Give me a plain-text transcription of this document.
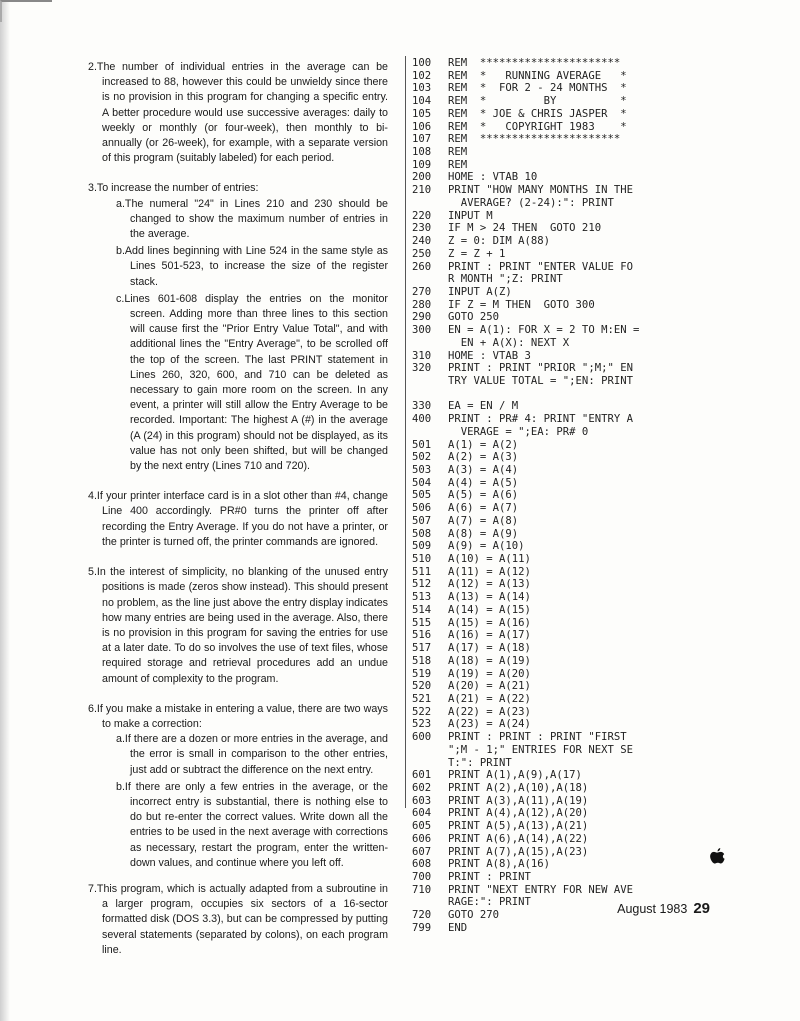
2.The number of individual entries in the average can be increased to 88, however this could be unwieldy since there is no provision in this program for changing a specific entry. A better procedure would use successive averages: daily to weekly or monthly (or four-week), then monthly to bi-annually (or 26-week), for example, with a separate version of this program (suitably labeled) for each period.
3.To increase the number of entries:
a.The numeral "24" in Lines 210 and 230 should be changed to show the maximum number of entries in the average.
b.Add lines beginning with Line 524 in the same style as Lines 501-523, to increase the size of the register stack.
c.Lines 601-608 display the entries on the monitor screen. Adding more than three lines to this section will cause first the "Prior Entry Value Total", and with additional lines the "Entry Average", to be scrolled off the top of the screen. The last PRINT statement in Lines 260, 320, 600, and 710 can be deleted as necessary to gain more room on the screen. In any event, a printer will still allow the Entry Average to be recorded. Important: The highest A (#) in the average (A (24) in this program) should not be displayed, as its value has not only been shifted, but will be changed by the next entry (Lines 710 and 720).
4.If your printer interface card is in a slot other than #4, change Line 400 accordingly. PR#0 turns the printer off after recording the Entry Average. If you do not have a printer, or the printer is turned off, the printer commands are ignored.
5.In the interest of simplicity, no blanking of the unused entry positions is made (zeros show instead). This should present no problem, as the line just above the entry display indicates how many entries are being used in the average. Also, there is no provision in this program for saving the entries for use at a later date. To do so involves the use of text files, whose required storage and retrieval procedures add an undue amount of complexity to the program.
6.If you make a mistake in entering a value, there are two ways to make a correction:
a.If there are a dozen or more entries in the average, and the error is small in comparison to the other entries, just add or subtract the difference on the next entry.
b.If there are only a few entries in the average, or the incorrect entry is substantial, there is nothing else to do but re-enter the correct values. Write down all the entries to be used in the next average with corrections as necessary, restart the program, enter the written-down values, and continue where you left off.
7.This program, which is actually adapted from a subroutine in a larger program, occupies six sectors of a 16-sector formatted disk (DOS 3.3), but can be compressed by putting several statements (separated by colons), on each program line.
100 REM  **********************
102 REM  *   RUNNING AVERAGE   *
103 REM  *  FOR 2 - 24 MONTHS  *
104 REM  *         BY          *
105 REM  * JOE & CHRIS JASPER  *
106 REM  *   COPYRIGHT 1983    *
107 REM  **********************
108 REM
109 REM
200 HOME : VTAB 10
210 PRINT "HOW MANY MONTHS IN THE
AVERAGE? (2-24):": PRINT
220 INPUT M
230 IF M > 24 THEN  GOTO 210
240 Z = 0: DIM A(88)
250 Z = Z + 1
260 PRINT : PRINT "ENTER VALUE FO
R MONTH ";Z: PRINT
270 INPUT A(Z)
280 IF Z = M THEN  GOTO 300
290 GOTO 250
300 EN = A(1): FOR X = 2 TO M:EN =
EN + A(X): NEXT X
310 HOME : VTAB 3
320 PRINT : PRINT "PRIOR ";M;" EN
TRY VALUE TOTAL = ";EN: PRINT
330 EA = EN / M
400 PRINT : PR# 4: PRINT "ENTRY A
VERAGE = ";EA: PR# 0
501 A(1) = A(2)
502 A(2) = A(3)
503 A(3) = A(4)
504 A(4) = A(5)
505 A(5) = A(6)
506 A(6) = A(7)
507 A(7) = A(8)
508 A(8) = A(9)
509 A(9) = A(10)
510 A(10) = A(11)
511 A(11) = A(12)
512 A(12) = A(13)
513 A(13) = A(14)
514 A(14) = A(15)
515 A(15) = A(16)
516 A(16) = A(17)
517 A(17) = A(18)
518 A(18) = A(19)
519 A(19) = A(20)
520 A(20) = A(21)
521 A(21) = A(22)
522 A(22) = A(23)
523 A(23) = A(24)
600 PRINT : PRINT : PRINT "FIRST
";M - 1;" ENTRIES FOR NEXT SE
T:": PRINT
601 PRINT A(1),A(9),A(17)
602 PRINT A(2),A(10),A(18)
603 PRINT A(3),A(11),A(19)
604 PRINT A(4),A(12),A(20)
605 PRINT A(5),A(13),A(21)
606 PRINT A(6),A(14),A(22)
607 PRINT A(7),A(15),A(23)
608 PRINT A(8),A(16)
700 PRINT : PRINT
710 PRINT "NEXT ENTRY FOR NEW AVE
RAGE:": PRINT
720 GOTO 270
799 END
August 1983 29
